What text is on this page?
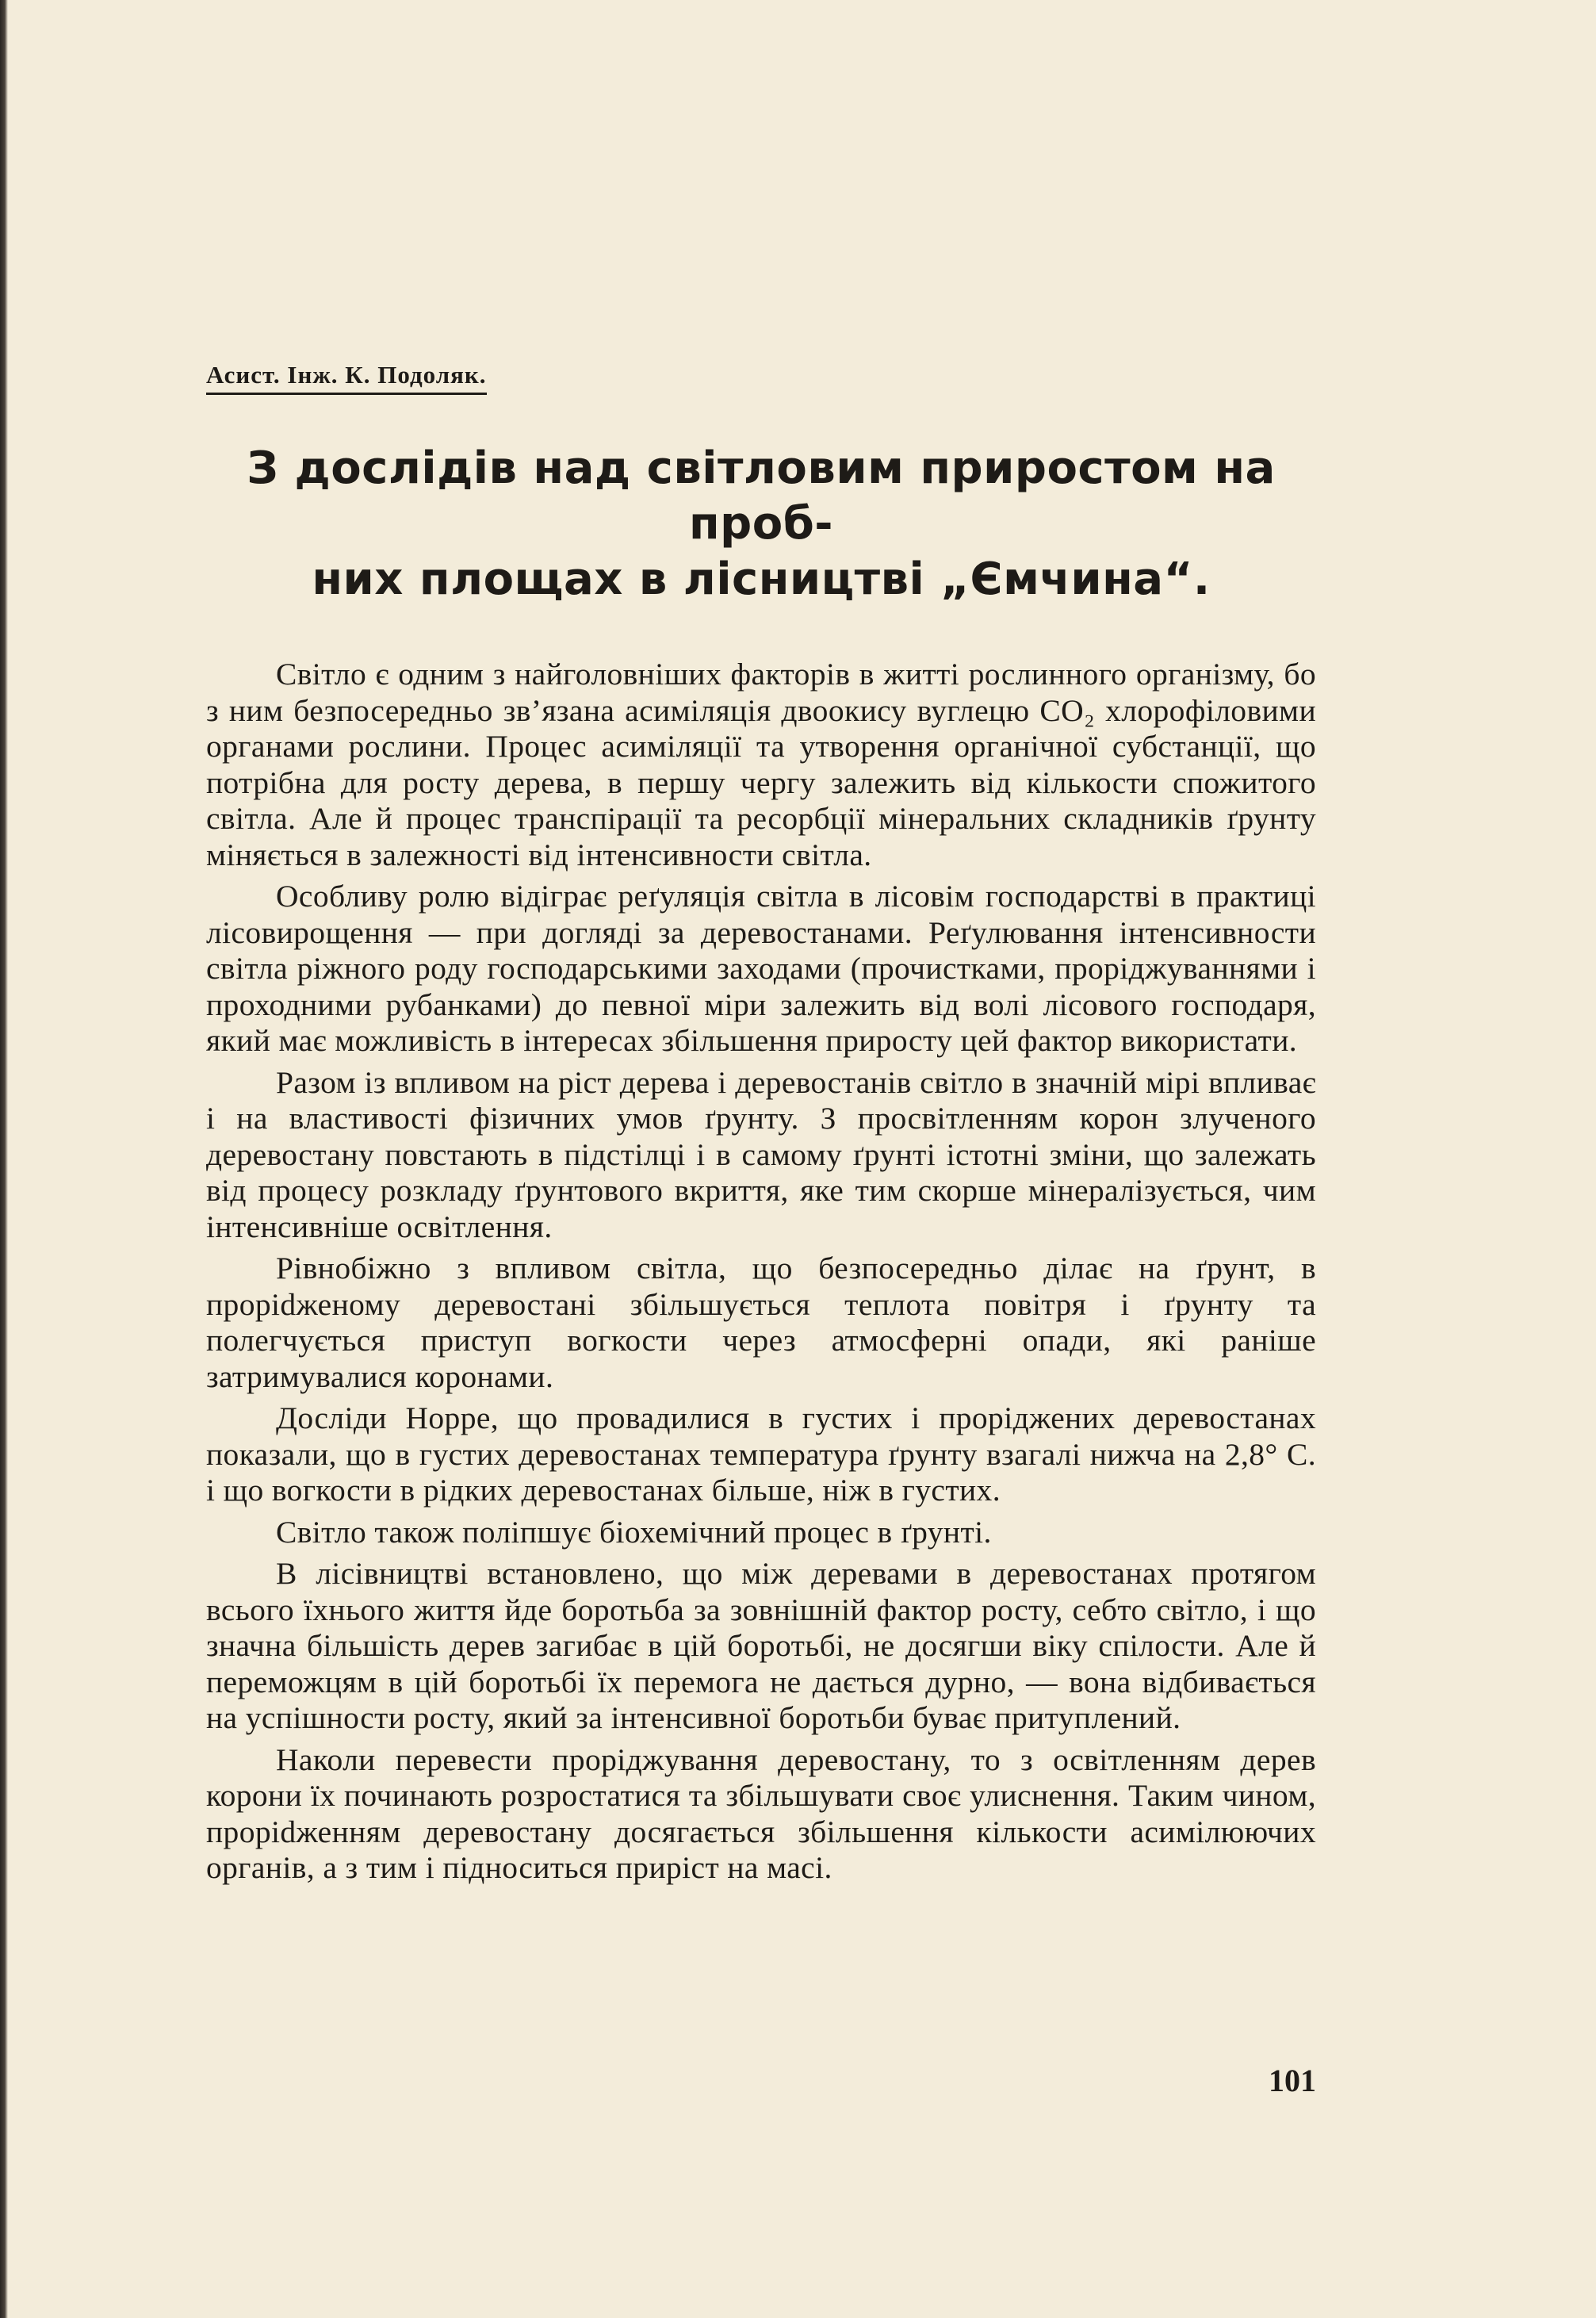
Асист. Інж. К. Подоляк.
З дослідів над світловим приростом на проб-
них площах в лісництві „Ємчина“.

Світло є одним з найголовніших факторів в житті рослинного організму, бо з ним безпосередньо зв’язана асиміляція двоокису вуглецю CO₂ хлорофіловими органами рослини. Процес асиміляції та утворення органічної субстанції, що потрібна для росту дерева, в першу чергу залежить від кількости спожитого світла. Але й процес транспірації та ресорбції мінеральних складників ґрунту міняється в залежності від інтенсивности світла.

Особливу ролю відіграє реґуляція світла в лісовім господарстві в практиці лісовирощення — при догляді за деревостанами. Реґулювання інтенсивности світла ріжного роду господарськими заходами (прочистками, проріджуваннями і проходними рубанками) до певної міри залежить від волі лісового господаря, який має можливість в інтересах збільшення приросту цей фактор використати.

Разом із впливом на ріст дерева і деревостанів світло в значній мірі впливає і на властивості фізичних умов ґрунту. З просвітленням корон злученого деревостану повстають в підстілці і в самому ґрунті істотні зміни, що залежать від процесу розкладу ґрунтового вкриття, яке тим скорше мінералізується, чим інтенсивніше освітлення.

Рівнобіжно з впливом світла, що безпосередньо ділає на ґрунт, в проріdженому деревостані збільшується теплота повітря і ґрунту та полегчується приступ вогкости через атмосферні опади, які раніше затримувалися коронами.

Досліди Норре, що провадилися в густих і проріджених деревостанах показали, що в густих деревостанах температура ґрунту взагалі нижча на 2,8° С. і що вогкости в рідких деревостанах більше, ніж в густих.

Світло також поліпшує біохемічний процес в ґрунті.

В лісівництві встановлено, що між деревами в деревостанах протягом всього їхнього життя йде боротьба за зовнішній фактор росту, себто світло, і що значна більшість дерев загибає в цій боротьбі, не досягши віку спілости. Але й переможцям в цій боротьбі їх перемога не дається дурно, — вона відбивається на успішности росту, який за інтенсивної боротьби буває притуплений.

Наколи перевести проріджування деревостану, то з освітленням дерев корони їх починають розростатися та збільшувати своє улиснення. Таким чином, проріdженням деревостану досягається збільшення кількости асимілюючих органів, а з тим і підноситься приріст на масі.

101
